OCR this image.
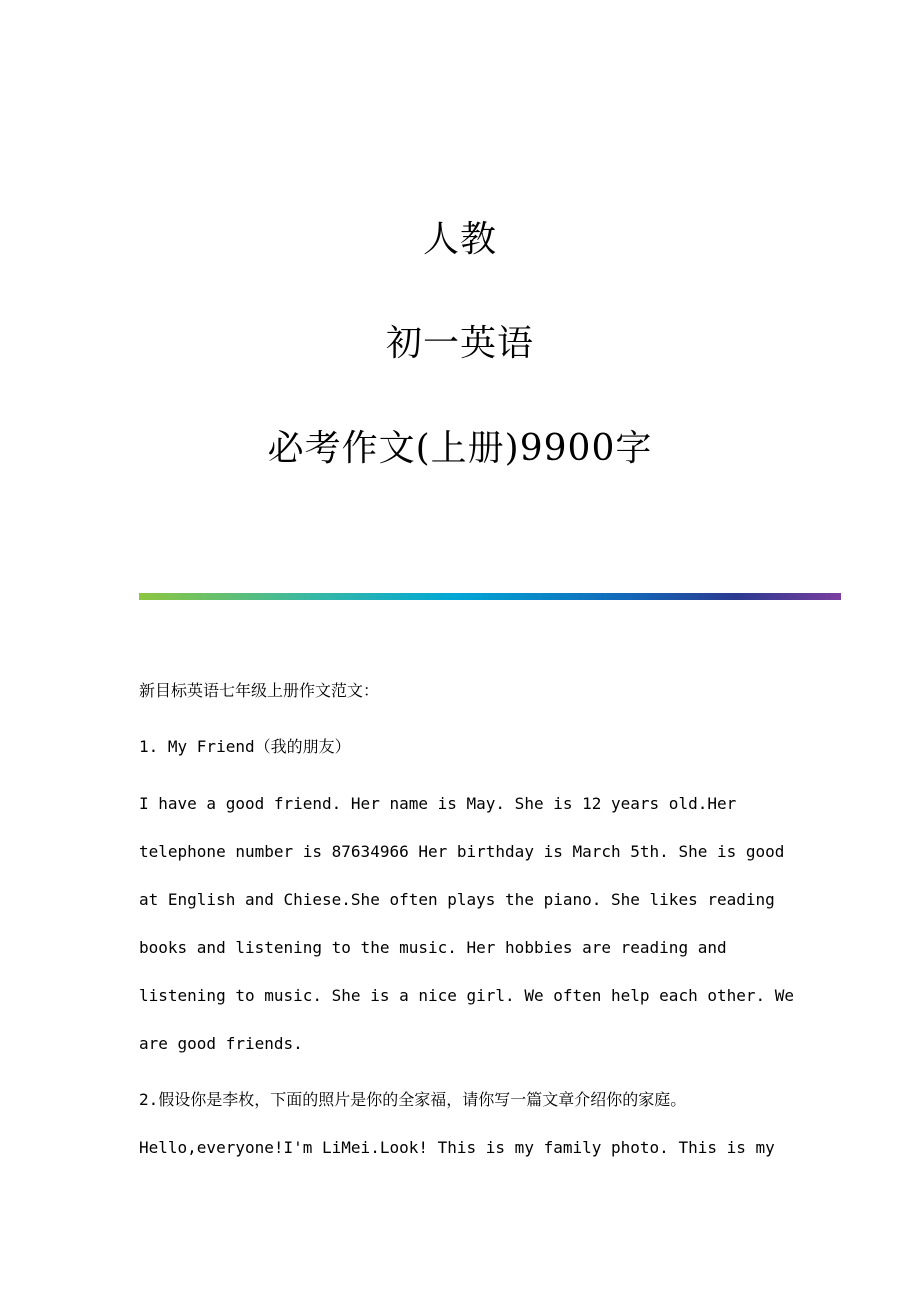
人教
初一英语
必考作文(上册)9900字
新目标英语七年级上册作文范文：
1. My Friend（我的朋友）
I have a good friend. Her name is May. She is 12 years old.Her
telephone number is 87634966 Her birthday is March 5th. She is good
at English and Chiese.She often plays the piano. She likes reading
books and listening to the music. Her hobbies are reading and
listening to music. She is a nice girl. We often help each other. We
are good friends.
2.假设你是李枚，下面的照片是你的全家福，请你写一篇文章介绍你的家庭。
Hello,everyone!I'm LiMei.Look! This is my family photo. This is my
